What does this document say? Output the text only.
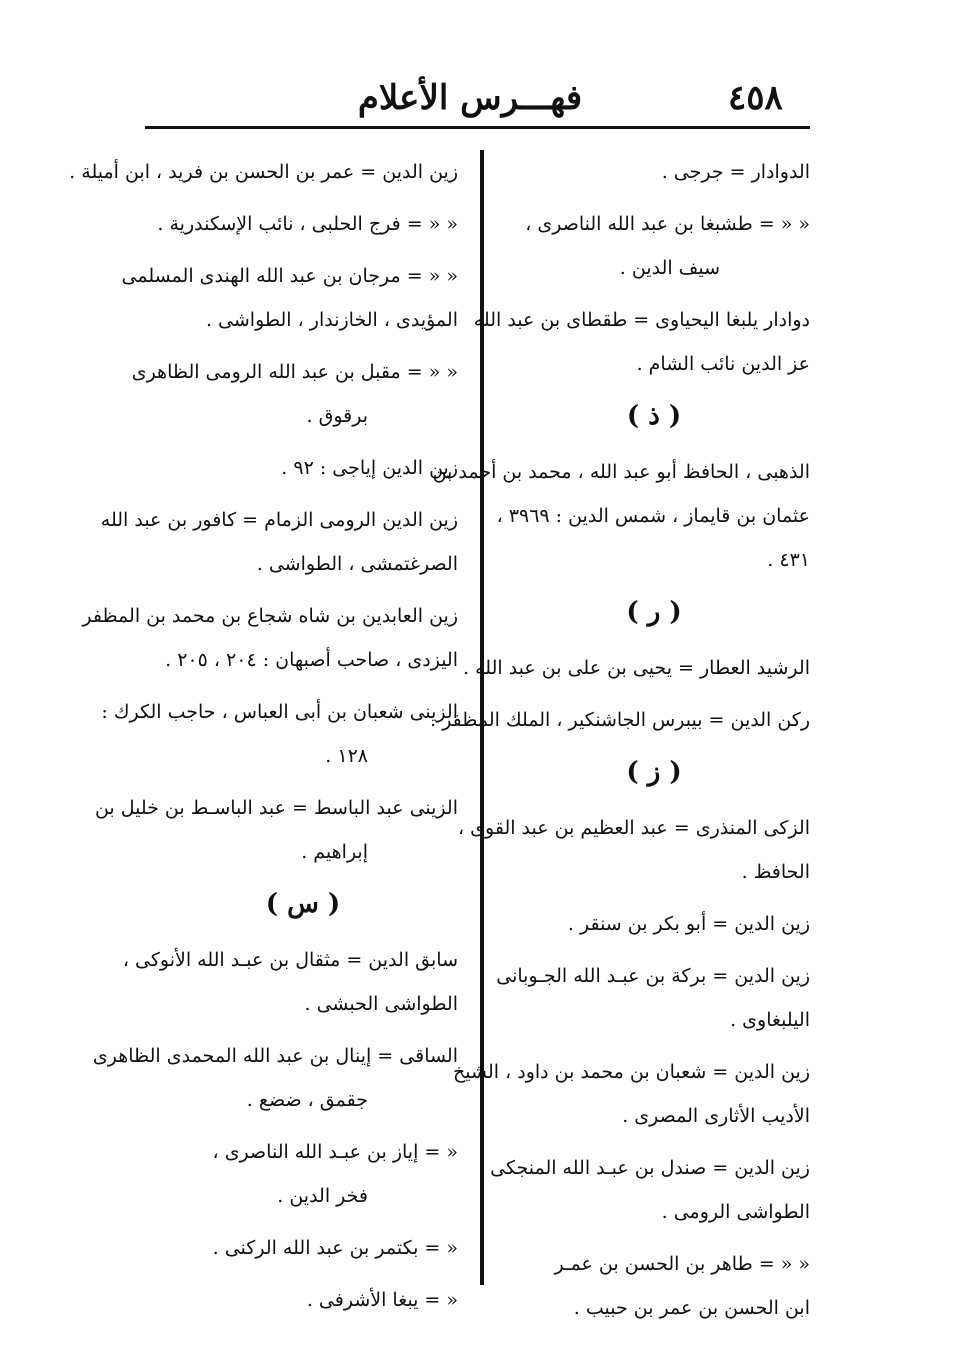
٤٥٨
فهـــرس الأعلام
الدوادار = جرجى .
« « = طشبغا بن عبد الله الناصرى ،
سيف الدين .
دوادار يلبغا اليحياوى = طقطاى بن عبد الله
عز الدين نائب الشام .
( ذ )
الذهبى ، الحافظ أبو عبد الله ، محمد بن أحمد بن
عثمان بن قايماز ، شمس الدين : ٣٩٦٩ ،
٤٣١ .
( ر )
الرشيد العطار = يحيى بن على بن عبد الله .
ركن الدين = بيبرس الجاشنكير ، الملك المظفر .
( ز )
الزكى المنذرى = عبد العظيم بن عبد القوى ،
الحافظ .
زين الدين = أبو بكر بن سنقر .
زين الدين = بركة بن عبـد الله الجـوبانى
اليلبغاوى .
زين الدين = شعبان بن محمد بن داود ، الشيخ
الأديب الأثارى المصرى .
زين الدين = صندل بن عبـد الله المنجكى
الطواشى الرومى .
« « = طاهر بن الحسن بن عمـر
ابن الحسن بن عمر بن حبيب .
زين الدين = عمر بن الحسن بن فريد ، ابن أميلة .
« « = فرج الحلبى ، نائب الإسكندرية .
« « = مرجان بن عبد الله الهندى المسلمى
المؤيدى ، الخازندار ، الطواشى .
« « = مقبل بن عبد الله الرومى الظاهرى
برقوق .
زين الدين إياجى : ٩٢ .
زين الدين الرومى الزمام = كافور بن عبد الله
الصرغتمشى ، الطواشى .
زين العابدين بن شاه شجاع بن محمد بن المظفر
اليزدى ، صاحب أصبهان : ٢٠٤ ، ٢٠٥ .
الزينى شعبان بن أبى العباس ، حاجب الكرك :
١٢٨ .
الزينى عبد الباسط = عبد الباسـط بن خليل بن
إبراهيم .
( س )
سابق الدين = مثقال بن عبـد الله الأنوكى ،
الطواشى الحبشى .
الساقى = إينال بن عبد الله المحمدى الظاهرى
جقمق ، ضضع .
« = إياز بن عبـد الله الناصرى ،
فخر الدين .
« = بكتمر بن عبد الله الركنى .
« = يبغا الأشرفى .
